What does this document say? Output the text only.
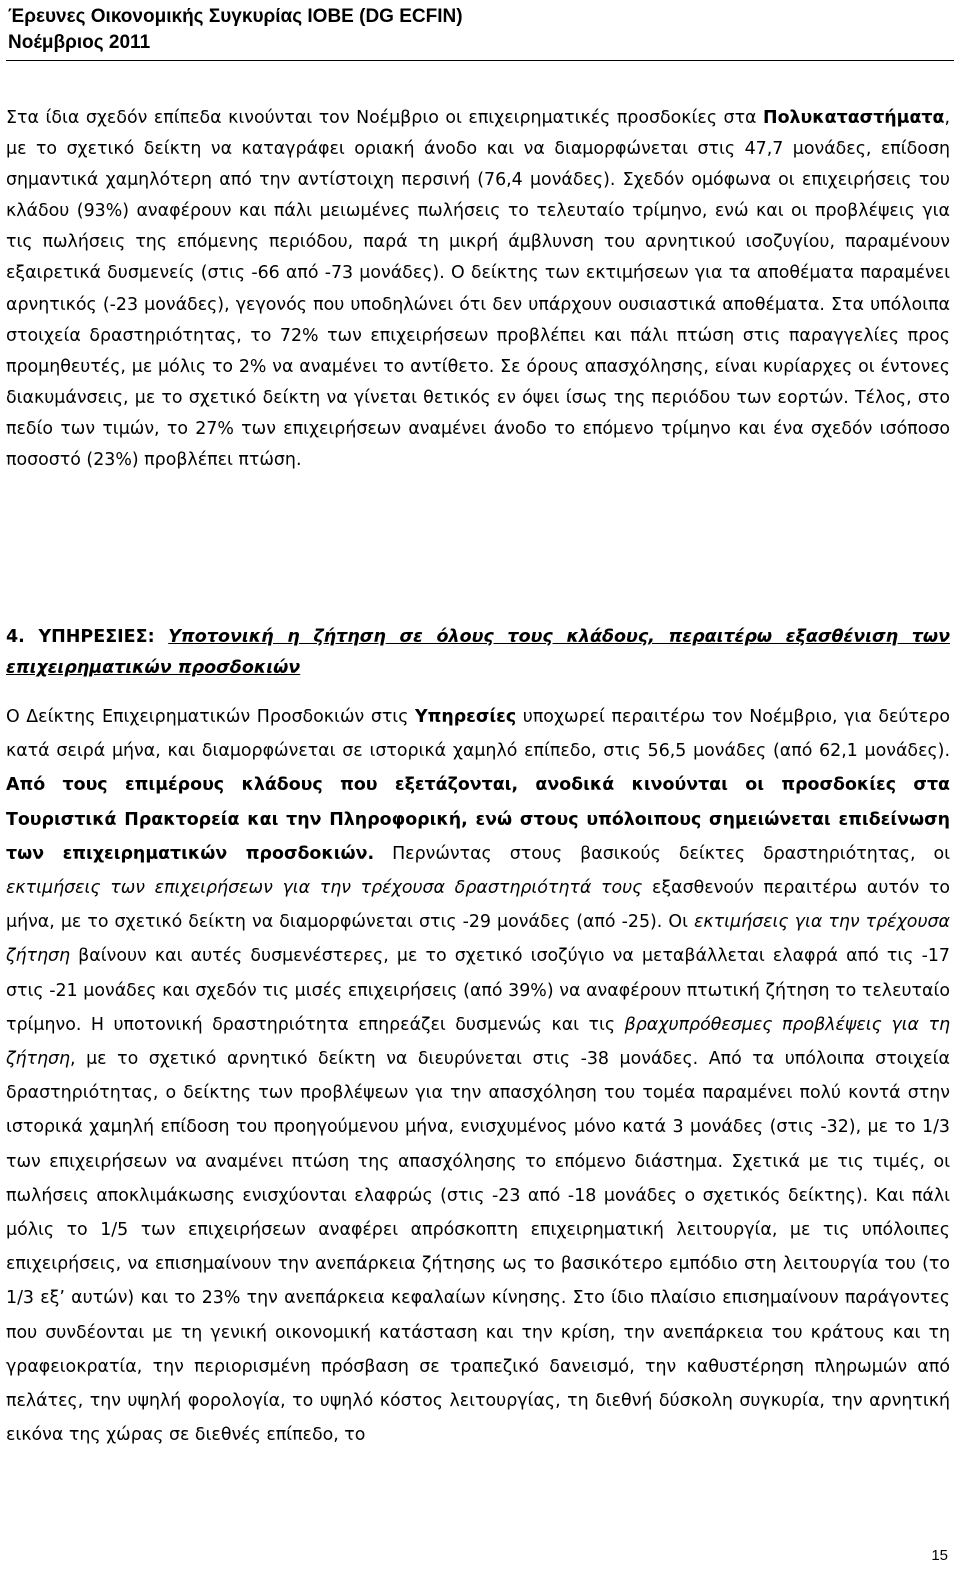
Έρευνες Οικονομικής Συγκυρίας ΙΟΒΕ (DG ECFIN)
Νοέμβριος 2011

Στα ίδια σχεδόν επίπεδα κινούνται τον Νοέμβριο οι επιχειρηματικές προσδοκίες στα Πολυκαταστήματα, με το σχετικό δείκτη να καταγράφει οριακή άνοδο και να διαμορφώνεται στις 47,7 μονάδες, επίδοση σημαντικά χαμηλότερη από την αντίστοιχη περσινή (76,4 μονάδες). Σχεδόν ομόφωνα οι επιχειρήσεις του κλάδου (93%) αναφέρουν και πάλι μειωμένες πωλήσεις το τελευταίο τρίμηνο, ενώ και οι προβλέψεις για τις πωλήσεις της επόμενης περιόδου, παρά τη μικρή άμβλυνση του αρνητικού ισοζυγίου, παραμένουν εξαιρετικά δυσμενείς (στις -66 από -73 μονάδες). Ο δείκτης των εκτιμήσεων για τα αποθέματα παραμένει αρνητικός (-23 μονάδες), γεγονός που υποδηλώνει ότι δεν υπάρχουν ουσιαστικά αποθέματα. Στα υπόλοιπα στοιχεία δραστηριότητας, το 72% των επιχειρήσεων προβλέπει και πάλι πτώση στις παραγγελίες προς προμηθευτές, με μόλις το 2% να αναμένει το αντίθετο. Σε όρους απασχόλησης, είναι κυρίαρχες οι έντονες διακυμάνσεις, με το σχετικό δείκτη να γίνεται θετικός εν όψει ίσως της περιόδου των εορτών. Τέλος, στο πεδίο των τιμών, το 27% των επιχειρήσεων αναμένει άνοδο το επόμενο τρίμηνο και ένα σχεδόν ισόποσο ποσοστό (23%) προβλέπει πτώση.

4. ΥΠΗΡΕΣΙΕΣ: Υποτονική η ζήτηση σε όλους τους κλάδους, περαιτέρω εξασθένιση των επιχειρηματικών προσδοκιών

Ο Δείκτης Επιχειρηματικών Προσδοκιών στις Υπηρεσίες υποχωρεί περαιτέρω τον Νοέμβριο, για δεύτερο κατά σειρά μήνα, και διαμορφώνεται σε ιστορικά χαμηλό επίπεδο, στις 56,5 μονάδες (από 62,1 μονάδες). Από τους επιμέρους κλάδους που εξετάζονται, ανοδικά κινούνται οι προσδοκίες στα Τουριστικά Πρακτορεία και την Πληροφορική, ενώ στους υπόλοιπους σημειώνεται επιδείνωση των επιχειρηματικών προσδοκιών. Περνώντας στους βασικούς δείκτες δραστηριότητας, οι εκτιμήσεις των επιχειρήσεων για την τρέχουσα δραστηριότητά τους εξασθενούν περαιτέρω αυτόν το μήνα, με το σχετικό δείκτη να διαμορφώνεται στις -29 μονάδες (από -25). Οι εκτιμήσεις για την τρέχουσα ζήτηση βαίνουν και αυτές δυσμενέστερες, με το σχετικό ισοζύγιο να μεταβάλλεται ελαφρά από τις -17 στις -21 μονάδες και σχεδόν τις μισές επιχειρήσεις (από 39%) να αναφέρουν πτωτική ζήτηση το τελευταίο τρίμηνο. Η υποτονική δραστηριότητα επηρεάζει δυσμενώς και τις βραχυπρόθεσμες προβλέψεις για τη ζήτηση, με το σχετικό αρνητικό δείκτη να διευρύνεται στις -38 μονάδες. Από τα υπόλοιπα στοιχεία δραστηριότητας, ο δείκτης των προβλέψεων για την απασχόληση του τομέα παραμένει πολύ κοντά στην ιστορικά χαμηλή επίδοση του προηγούμενου μήνα, ενισχυμένος μόνο κατά 3 μονάδες (στις -32), με το 1/3 των επιχειρήσεων να αναμένει πτώση της απασχόλησης το επόμενο διάστημα. Σχετικά με τις τιμές, οι πωλήσεις αποκλιμάκωσης ενισχύονται ελαφρώς (στις -23 από -18 μονάδες ο σχετικός δείκτης). Και πάλι μόλις το 1/5 των επιχειρήσεων αναφέρει απρόσκοπτη επιχειρηματική λειτουργία, με τις υπόλοιπες επιχειρήσεις, να επισημαίνουν την ανεπάρκεια ζήτησης ως το βασικότερο εμπόδιο στη λειτουργία του (το 1/3 εξ’ αυτών) και το 23% την ανεπάρκεια κεφαλαίων κίνησης. Στο ίδιο πλαίσιο επισημαίνουν παράγοντες που συνδέονται με τη γενική οικονομική κατάσταση και την κρίση, την ανεπάρκεια του κράτους και τη γραφειοκρατία, την περιορισμένη πρόσβαση σε τραπεζικό δανεισμό, την καθυστέρηση πληρωμών από πελάτες, την υψηλή φορολογία, το υψηλό κόστος λειτουργίας, τη διεθνή δύσκολη συγκυρία, την αρνητική εικόνα της χώρας σε διεθνές επίπεδο, το

15
